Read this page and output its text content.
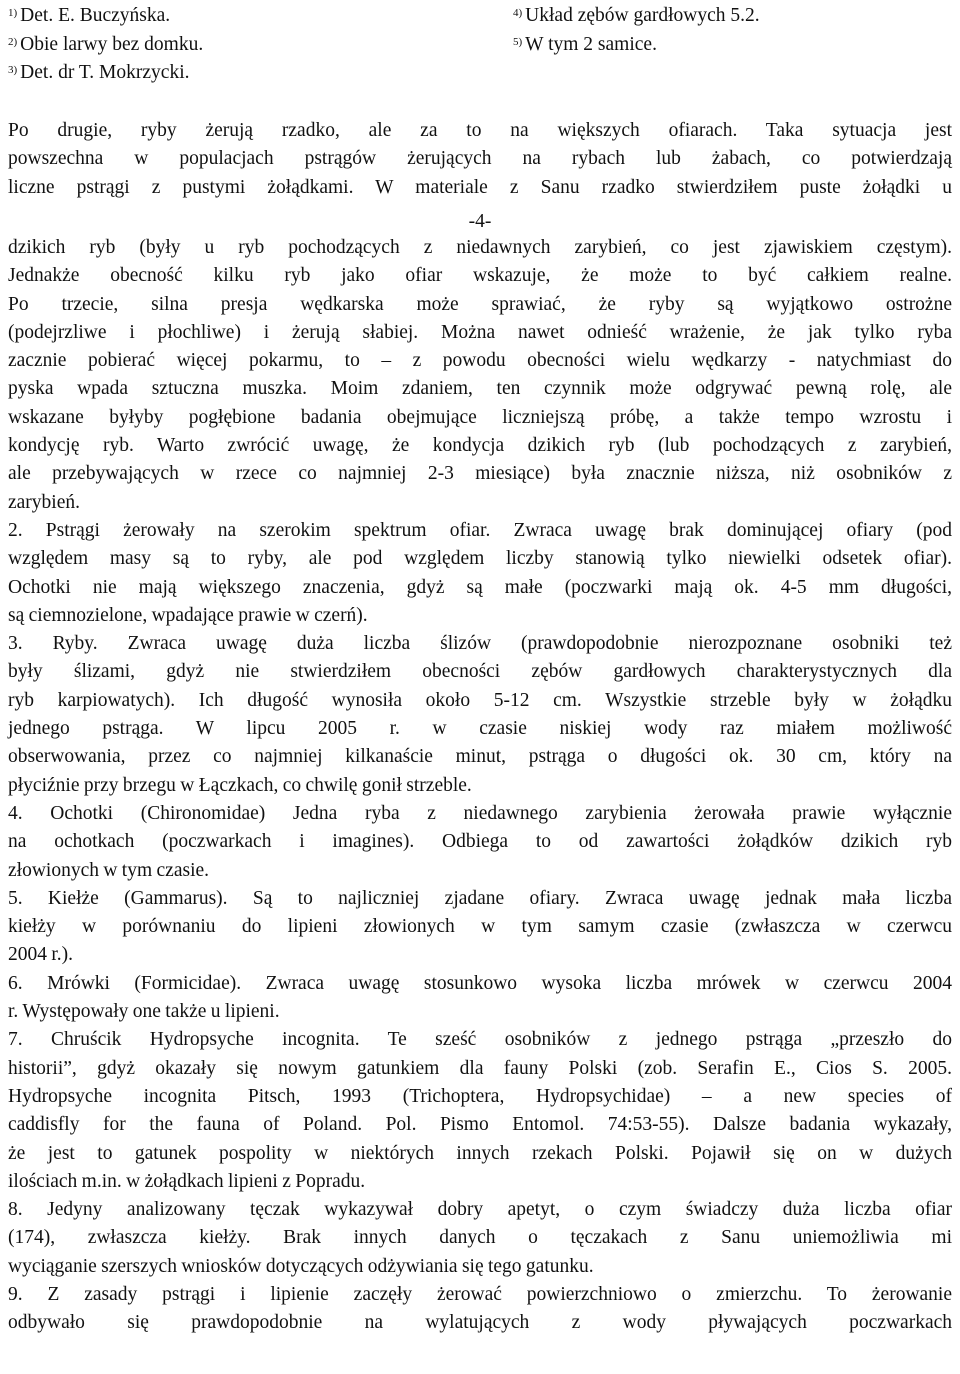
$^{1)}$ Det. E. Buczyńska.
$^{2)}$ Obie larwy bez domku.
$^{3)}$ Det. dr T. Mokrzycki.
$^{4)}$ Układ zębów gardłowych 5.2.
$^{5)}$ W tym 2 samice.
Po drugie, ryby żerują rzadko, ale za to na większych ofiarach. Taka sytuacja jest
powszechna w populacjach pstrągów żerujących na rybach lub żabach, co potwierdzają
liczne pstrągi z pustymi żołądkami. W materiale z Sanu rzadko stwierdziłem puste żołądki u
-4-
dzikich ryb (były u ryb pochodzących z niedawnych zarybień, co jest zjawiskiem częstym).
Jednakże obecność kilku ryb jako ofiar wskazuje, że może to być całkiem realne.
Po trzecie, silna presja wędkarska może sprawiać, że ryby są wyjątkowo ostrożne
(podejrzliwe i płochliwe) i żerują słabiej. Można nawet odnieść wrażenie, że jak tylko ryba
zacznie pobierać więcej pokarmu, to – z powodu obecności wielu wędkarzy - natychmiast do
pyska wpada sztuczna muszka. Moim zdaniem, ten czynnik może odgrywać pewną rolę, ale
wskazane byłyby pogłębione badania obejmujące liczniejszą próbę, a także tempo wzrostu i
kondycję ryb. Warto zwrócić uwagę, że kondycja dzikich ryb (lub pochodzących z zarybień,
ale przebywających w rzece co najmniej 2-3 miesiące) była znacznie niższa, niż osobników z
zarybień.
2. Pstrągi żerowały na szerokim spektrum ofiar. Zwraca uwagę brak dominującej ofiary (pod
względem masy są to ryby, ale pod względem liczby stanowią tylko niewielki odsetek ofiar).
Ochotki nie mają większego znaczenia, gdyż są małe (poczwarki mają ok. 4-5 mm długości,
są ciemnozielone, wpadające prawie w czerń).
3. Ryby. Zwraca uwagę duża liczba ślizów (prawdopodobnie nierozpoznane osobniki też
były ślizami, gdyż nie stwierdziłem obecności zębów gardłowych charakterystycznych dla
ryb karpiowatych). Ich długość wynosiła około 5-12 cm. Wszystkie strzeble były w żołądku
jednego pstrąga. W lipcu 2005 r. w czasie niskiej wody raz miałem możliwość
obserwowania, przez co najmniej kilkanaście minut, pstrąga o długości ok. 30 cm, który na
płyciźnie przy brzegu w Łączkach, co chwilę gonił strzeble.
4. Ochotki (Chironomidae) Jedna ryba z niedawnego zarybienia żerowała prawie wyłącznie
na ochotkach (poczwarkach i imagines). Odbiega to od zawartości żołądków dzikich ryb
złowionych w tym czasie.
5. Kiełże (Gammarus). Są to najliczniej zjadane ofiary. Zwraca uwagę jednak mała liczba
kiełży w porównaniu do lipieni złowionych w tym samym czasie (zwłaszcza w czerwcu
2004 r.).
6. Mrówki (Formicidae). Zwraca uwagę stosunkowo wysoka liczba mrówek w czerwcu 2004
r. Występowały one także u lipieni.
7. Chruścik Hydropsyche incognita. Te sześć osobników z jednego pstrąga „przeszło do
historii”, gdyż okazały się nowym gatunkiem dla fauny Polski (zob. Serafin E., Cios S. 2005.
Hydropsyche incognita Pitsch, 1993 (Trichoptera, Hydropsychidae) – a new species of
caddisfly for the fauna of Poland. Pol. Pismo Entomol. 74:53-55). Dalsze badania wykazały,
że jest to gatunek pospolity w niektórych innych rzekach Polski. Pojawił się on w dużych
ilościach m.in. w żołądkach lipieni z Popradu.
8. Jedyny analizowany tęczak wykazywał dobry apetyt, o czym świadczy duża liczba ofiar
(174), zwłaszcza kiełży. Brak innych danych o tęczakach z Sanu uniemożliwia mi
wyciąganie szerszych wniosków dotyczących odżywiania się tego gatunku.
9. Z zasady pstrągi i lipienie zaczęły żerować powierzchniowo o zmierzchu. To żerowanie
odbywało się prawdopodobnie na wylatujących z wody pływających poczwarkach
